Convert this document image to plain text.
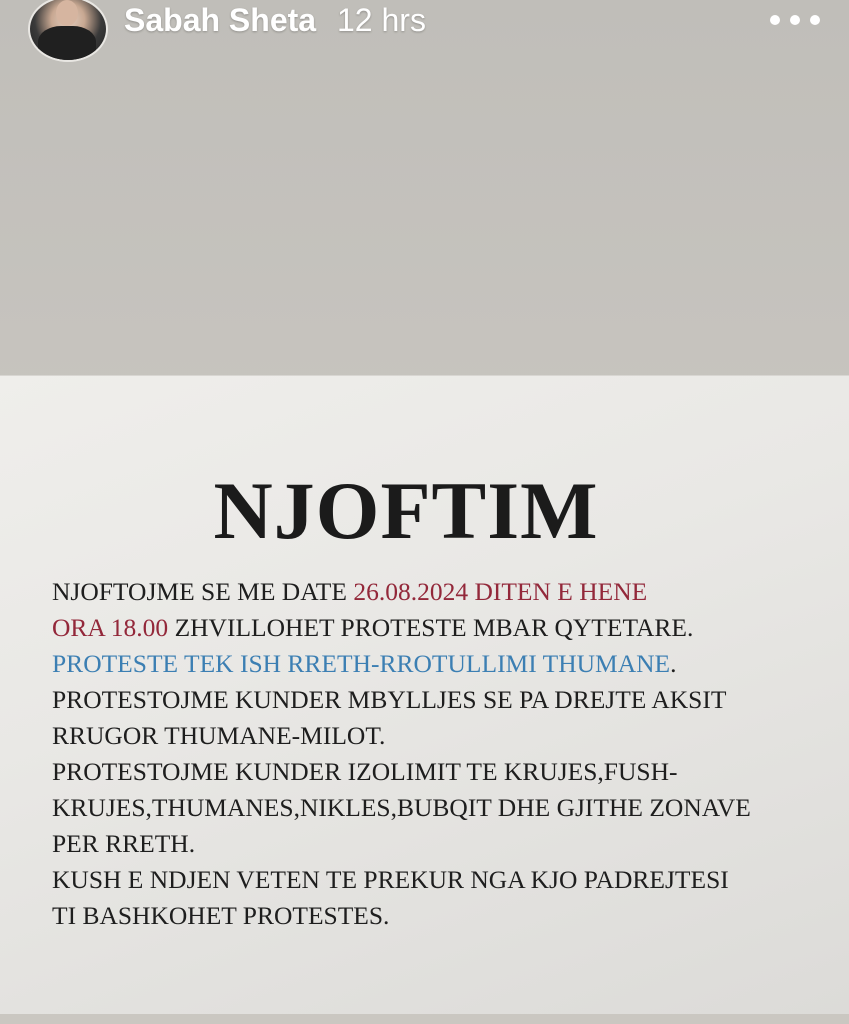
Sabah Sheta 12 hrs
NJOFTIM
NJOFTOJME SE ME DATE 26.08.2024 DITEN E HENE
ORA 18.00 ZHVILLOHET PROTESTE MBAR QYTETARE.
PROTESTE TEK ISH RRETH-RROTULLIMI THUMANE.
PROTESTOJME KUNDER MBYLLJES SE PA DREJTE AKSIT
RRUGOR THUMANE-MILOT.
PROTESTOJME KUNDER IZOLIMIT TE KRUJES,FUSH-
KRUJES,THUMANES,NIKLES,BUBQIT DHE GJITHE ZONAVE
PER RRETH.
KUSH E NDJEN VETEN TE PREKUR NGA KJO PADREJTESI
TI BASHKOHET PROTESTES.
